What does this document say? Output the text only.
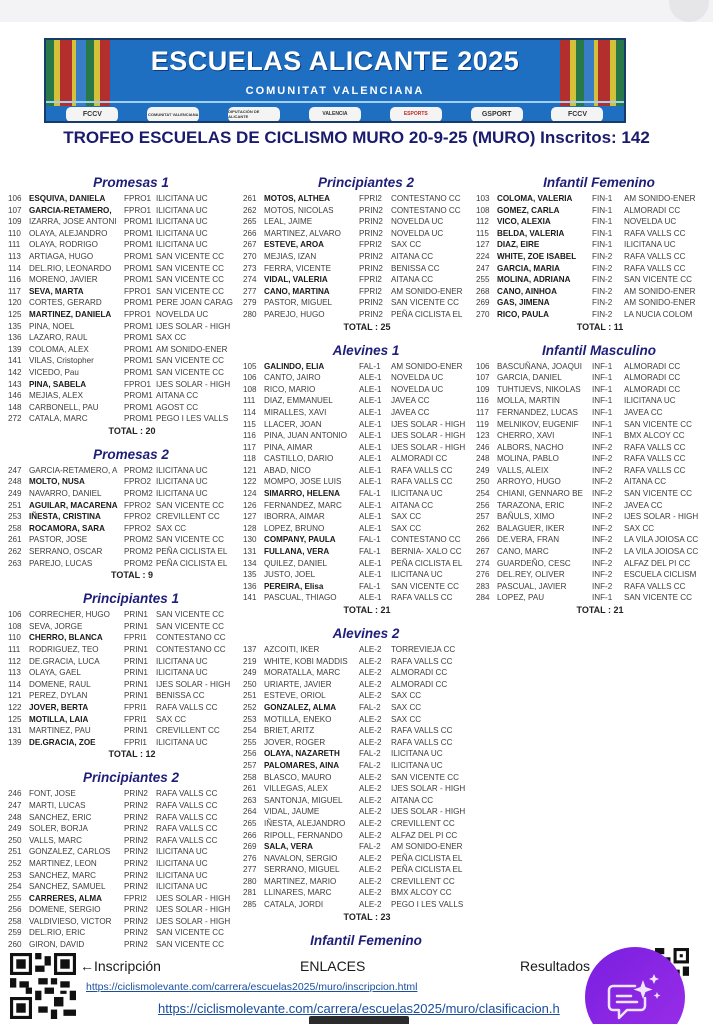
ESCUELAS ALICANTE 2025
COMUNITAT VALENCIANA
FCCV	COMUNITAT VALENCIANA	DIPUTACIÓN DE ALICANTE	VALENCIA	ESPORTS	GSPORT	FCCV
TROFEO ESCUELAS DE CICLISMO MURO 20-9-25 (MURO) Inscritos: 142
Promesas 1
106 ESQUIVA, DANIELA	FPRO1 ILICITANA UC
107 GARCIA-RETAMERO,	FPRO1 ILICITANA UC
109 IZARRA, JOSE ANTONI PROM1 ILICITANA UC
110 OLAYA, ALEJANDRO	PROM1 ILICITANA UC
111	OLAYA, RODRIGO	PROM1 ILICITANA UC
113 ARTIAGA, HUGO	PROM1 SAN VICENTE CC
114 DEL.RIO, LEONARDO	PROM1 SAN VICENTE CC
116 MORENO, JAVIER	PROM1 SAN VICENTE CC
117 SEVA, MARTA	FPRO1 SAN VICENTE CC
120 CORTES, GERARD	PROM1 PERE JOAN CARAG
125 MARTINEZ, DANIELA	FPRO1 NOVELDA UC
135 PINA, NOEL	PROM1 IJES SOLAR - HIGH
136 LAZARO, RAUL	PROM1 SAX CC
139 COLOMA, ALEX	PROM1 AM SONIDO-ENER
141 VILAS, Cristopher	PROM1 SAN VICENTE CC
142 VICEDO, Pau	PROM1 SAN VICENTE CC
143 PINA, SABELA	FPRO1 IJES SOLAR - HIGH
146 MEJIAS, ALEX	PROM1 AITANA CC
148 CARBONELL, PAU	PROM1 AGOST CC
272 CATALA, MARC	PROM1 PEGO I LES VALLS
TOTAL : 20
Promesas 2
247 GARCIA-RETAMERO, A PROM2 ILICITANA UC
248 MOLTO, NUSA	FPRO2 ILICITANA UC
249 NAVARRO, DANIEL	PROM2 ILICITANA UC
251 AGUILAR, MACARENA FPRO2 SAN VICENTE CC
253 IÑESTA, CRISTINA	FPRO2 CREVILLENT CC
258 ROCAMORA, SARA	FPRO2 SAX CC
261 PASTOR, JOSE	PROM2 SAN VICENTE CC
262 SERRANO, OSCAR	PROM2 PEÑA CICLISTA EL
263 PAREJO, LUCAS	PROM2 PEÑA CICLISTA EL
TOTAL : 9
Principiantes 1
106 CORRECHER, HUGO	PRIN1	SAN VICENTE CC
108 SEVA, JORGE	PRIN1	SAN VICENTE CC
110 CHERRO, BLANCA	FPRI1	CONTESTANO CC
111	RODRIGUEZ, TEO	PRIN1	CONTESTANO CC
112 DE.GRACIA, LUCA	PRIN1	ILICITANA UC
113 OLAYA, GAEL	PRIN1	ILICITANA UC
114 DOMENE, RAUL	PRIN1	IJES SOLAR - HIGH
121 PEREZ, DYLAN	PRIN1	BENISSA CC
122 JOVER, BERTA	FPRI1	RAFA VALLS CC
125 MOTILLA, LAIA	FPRI1	SAX CC
131 MARTINEZ, PAU	PRIN1	CREVILLENT CC
139 DE.GRACIA, ZOE	FPRI1	ILICITANA UC
TOTAL : 12
Principiantes 2
246 FONT, JOSE	PRIN2	RAFA VALLS CC
247 MARTI, LUCAS	PRIN2	RAFA VALLS CC
248 SANCHEZ, ERIC	PRIN2	RAFA VALLS CC
249 SOLER, BORJA	PRIN2	RAFA VALLS CC
250 VALLS, MARC	PRIN2	RAFA VALLS CC
251 GONZALEZ, CARLOS	PRIN2	ILICITANA UC
252 MARTINEZ, LEON	PRIN2	ILICITANA UC
253 SANCHEZ, MARC	PRIN2	ILICITANA UC
254 SANCHEZ, SAMUEL	PRIN2	ILICITANA UC
255 CARRERES, ALMA	FPRI2	IJES SOLAR - HIGH
256 DOMENE, SERGIO	PRIN2	IJES SOLAR - HIGH
258 VALDIVIESO, VICTOR	PRIN2	IJES SOLAR - HIGH
259 DEL.RIO, ERIC	PRIN2	SAN VICENTE CC
260 GIRON, DAVID	PRIN2	SAN VICENTE CC
Principiantes 2
261 MOTOS, ALTHEA	FPRI2	CONTESTANO CC
262 MOTOS, NICOLAS	PRIN2	CONTESTANO CC
265 LEAL, JAIME	PRIN2	NOVELDA UC
266 MARTINEZ, ALVARO	PRIN2	NOVELDA UC
267 ESTEVE, AROA	FPRI2	SAX CC
270 MEJIAS, IZAN	PRIN2	AITANA CC
273 FERRA, VICENTE	PRIN2	BENISSA CC
274 VIDAL, VALERIA	FPRI2	AITANA CC
277 CANO, MARTINA	FPRI2	AM SONIDO-ENER
279 PASTOR, MIGUEL	PRIN2	SAN VICENTE CC
280 PAREJO, HUGO	PRIN2	PEÑA CICLISTA EL
TOTAL : 25
Alevines 1
105 GALINDO, ELIA	FAL-1	AM SONIDO-ENER
106 CANTO, JAIRO	ALE-1	NOVELDA UC
108 RICO, MARIO	ALE-1	NOVELDA UC
111	DIAZ, EMMANUEL	ALE-1	JAVEA CC
114 MIRALLES, XAVI	ALE-1	JAVEA CC
115 LLACER, JOAN	ALE-1	IJES SOLAR - HIGH
116 PINA, JUAN ANTONIO	ALE-1	IJES SOLAR - HIGH
117 PINA, AIMAR	ALE-1	IJES SOLAR - HIGH
118 CASTILLO, DARIO	ALE-1	ALMORADI CC
121 ABAD, NICO	ALE-1	RAFA VALLS CC
122 MOMPO, JOSE LUIS	ALE-1	RAFA VALLS CC
124 SIMARRO, HELENA	FAL-1	ILICITANA UC
126 FERNANDEZ, MARC	ALE-1	AITANA CC
127 IBORRA, AIMAR	ALE-1	SAX CC
128 LOPEZ, BRUNO	ALE-1	SAX CC
130 COMPANY, PAULA	FAL-1	CONTESTANO CC
131 FULLANA, VERA	FAL-1	BERNIA- XALO CC
134 QUILEZ, DANIEL	ALE-1	PEÑA CICLISTA EL
135 JUSTO, JOEL	ALE-1	ILICITANA UC
136 PEREIRA, Elisa	FAL-1	SAN VICENTE CC
141 PASCUAL, THIAGO	ALE-1	RAFA VALLS CC
TOTAL : 21
Alevines 2
137 AZCOITI, IKER	ALE-2	TORREVIEJA CC
219 WHITE, KOBI MADDIS	ALE-2	RAFA VALLS CC
249 MORATALLA, MARC	ALE-2	ALMORADI CC
250 URIARTE, JAVIER	ALE-2	ALMORADI CC
251 ESTEVE, ORIOL	ALE-2	SAX CC
252 GONZALEZ, ALMA	FAL-2	SAX CC
253 MOTILLA, ENEKO	ALE-2	SAX CC
254 BRIET, ARITZ	ALE-2	RAFA VALLS CC
255 JOVER, ROGER	ALE-2	RAFA VALLS CC
256 OLAYA, NAZARETH	FAL-2	ILICITANA UC
257 PALOMARES, AINA	FAL-2	ILICITANA UC
258 BLASCO, MAURO	ALE-2	SAN VICENTE CC
261 VILLEGAS, ALEX	ALE-2	IJES SOLAR - HIGH
263 SANTONJA, MIGUEL	ALE-2	AITANA CC
264 VIDAL, JAUME	ALE-2	IJES SOLAR - HIGH
265 IÑESTA, ALEJANDRO	ALE-2	CREVILLENT CC
266 RIPOLL, FERNANDO	ALE-2	ALFAZ DEL PI CC
269 SALA, VERA	FAL-2	AM SONIDO-ENER
276 NAVALON, SERGIO	ALE-2	PEÑA CICLISTA EL
277 SERRANO, MIGUEL	ALE-2	PEÑA CICLISTA EL
280 MARTINEZ, MARIO	ALE-2	CREVILLENT CC
281 LLINARES, MARC	ALE-2	BMX ALCOY CC
285 CATALA, JORDI	ALE-2	PEGO I LES VALLS
TOTAL : 23
Infantil Femenino
Infantil Femenino
103 COLOMA, VALERIA	FIN-1	AM SONIDO-ENER
108 GOMEZ, CARLA	FIN-1	ALMORADI CC
112 VICO, ALEXIA	FIN-1	NOVELDA UC
115 BELDA, VALERIA	FIN-1	RAFA VALLS CC
127 DIAZ, EIRE	FIN-1	ILICITANA UC
224 WHITE, ZOE ISABEL	FIN-2	RAFA VALLS CC
247 GARCIA, MARIA	FIN-2	RAFA VALLS CC
255 MOLINA, ADRIANA	FIN-2	SAN VICENTE CC
268 CANO, AINHOA	FIN-2	AM SONIDO-ENER
269 GAS, JIMENA	FIN-2	AM SONIDO-ENER
270 RICO, PAULA	FIN-2	LA NUCIA COLOM
TOTAL : 11
Infantil Masculino
106 BASCUÑANA, JOAQUI	INF-1	ALMORADI CC
107 GARCIA, DANIEL	INF-1	ALMORADI CC
109 TUHTIJEVS, NIKOLAS	INF-1	ALMORADI CC
116 MOLLA, MARTIN	INF-1	ILICITANA UC
117 FERNANDEZ, LUCAS	INF-1	JAVEA CC
119 MELNIKOV, EUGENIF	INF-1	SAN VICENTE CC
123 CHERRO, XAVI	INF-1	BMX ALCOY CC
246 ALBORS, NACHO	INF-2	RAFA VALLS CC
248 MOLINA, PABLO	INF-2	RAFA VALLS CC
249 VALLS, ALEIX	INF-2	RAFA VALLS CC
250 ARROYO, HUGO	INF-2	AITANA CC
254 CHIANI, GENNARO BE	INF-2	SAN VICENTE CC
256 TARAZONA, ERIC	INF-2	JAVEA CC
257 BAÑULS, XIMO	INF-2	IJES SOLAR - HIGH
262 BALAGUER, IKER	INF-2	SAX CC
266 DE.VERA, FRAN	INF-2	LA VILA JOIOSA CC
267 CANO, MARC	INF-2	LA VILA JOIOSA CC
274 GUARDEÑO, CESC	INF-2	ALFAZ DEL PI CC
276 DEL.REY, OLIVER	INF-2	ESCUELA CICLISM
283 PASCUAL, JAVIER	INF-2	RAFA VALLS CC
284 LOPEZ, PAU	INF-1	SAN VICENTE CC
TOTAL : 21
←Inscripción	ENLACES	Resultados
https://ciclismolevante.com/carrera/escuelas2025/muro/inscripcion.html
https://ciclismolevante.com/carrera/escuelas2025/muro/clasificacion.h
